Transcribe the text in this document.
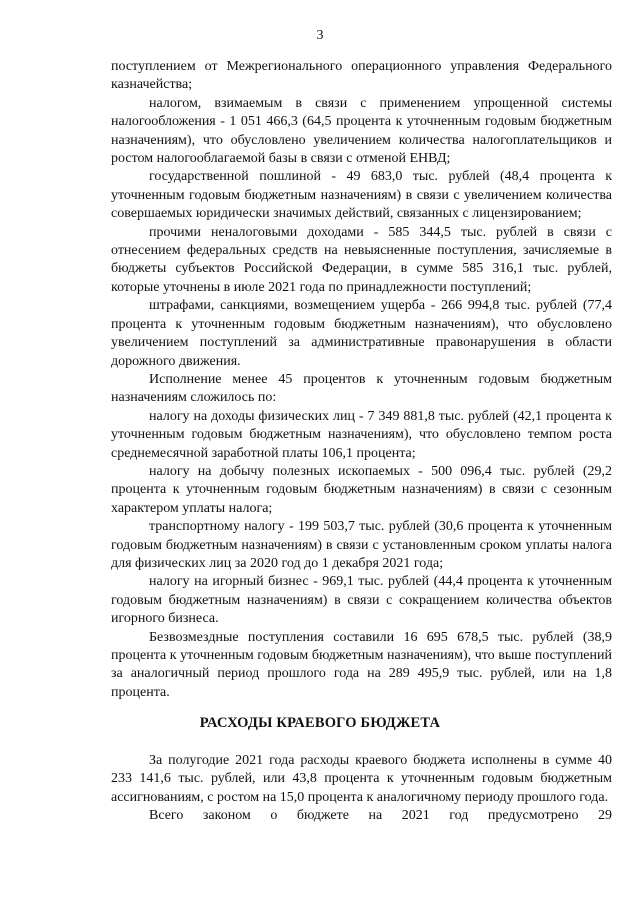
3

поступлением от Межрегионального операционного управления Федерального казначейства;

налогом, взимаемым в связи с применением упрощенной системы налогообложения - 1 051 466,3 (64,5 процента к уточненным годовым бюджетным назначениям), что обусловлено увеличением количества налогоплательщиков и ростом налогооблагаемой базы в связи с отменой ЕНВД;

государственной пошлиной - 49 683,0 тыс. рублей (48,4 процента к уточненным годовым бюджетным назначениям) в связи с увеличением количества совершаемых юридически значимых действий, связанных с лицензированием;

прочими неналоговыми доходами - 585 344,5 тыс. рублей в связи с отнесением федеральных средств на невыясненные поступления, зачисляемые в бюджеты субъектов Российской Федерации, в сумме 585 316,1 тыс. рублей, которые уточнены в июле 2021 года по принадлежности поступлений;

штрафами, санкциями, возмещением ущерба - 266 994,8 тыс. рублей (77,4 процента к уточненным годовым бюджетным назначениям), что обусловлено увеличением поступлений за административные правонарушения в области дорожного движения.

Исполнение менее 45 процентов к уточненным годовым бюджетным назначениям сложилось по:

налогу на доходы физических лиц - 7 349 881,8 тыс. рублей (42,1 процента к уточненным годовым бюджетным назначениям), что обусловлено темпом роста среднемесячной заработной платы 106,1 процента;

налогу на добычу полезных ископаемых - 500 096,4 тыс. рублей (29,2 процента к уточненным годовым бюджетным назначениям) в связи с сезонным характером уплаты налога;

транспортному налогу - 199 503,7 тыс. рублей (30,6 процента к уточненным годовым бюджетным назначениям) в связи с установленным сроком уплаты налога для физических лиц за 2020 год до 1 декабря 2021 года;

налогу на игорный бизнес - 969,1 тыс. рублей (44,4 процента к уточненным годовым бюджетным назначениям) в связи с сокращением количества объектов игорного бизнеса.

Безвозмездные поступления составили 16 695 678,5 тыс. рублей (38,9 процента к уточненным годовым бюджетным назначениям), что выше поступлений за аналогичный период прошлого года на 289 495,9 тыс. рублей, или на 1,8 процента.

РАСХОДЫ КРАЕВОГО БЮДЖЕТА

За полугодие 2021 года расходы краевого бюджета исполнены в сумме 40 233 141,6 тыс. рублей, или 43,8 процента к уточненным годовым бюджетным ассигнованиям, с ростом на 15,0 процента к аналогичному периоду прошлого года.

Всего законом о бюджете на 2021 год предусмотрено 29
